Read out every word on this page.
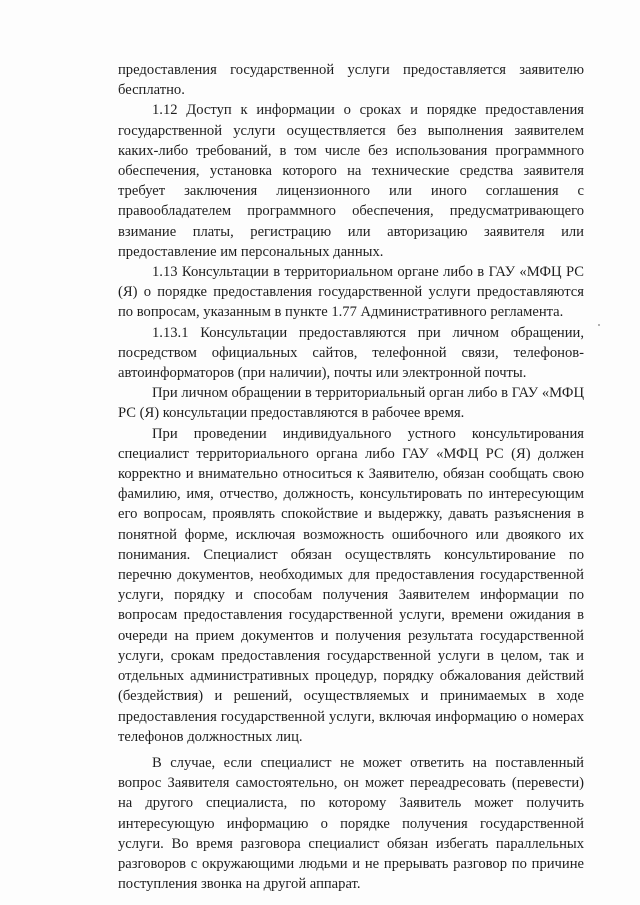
предоставления государственной услуги предоставляется заявителю бесплатно.

1.12 Доступ к информации о сроках и порядке предоставления государственной услуги осуществляется без выполнения заявителем каких-либо требований, в том числе без использования программного обеспечения, установка которого на технические средства заявителя требует заключения лицензионного или иного соглашения с правообладателем программного обеспечения, предусматривающего взимание платы, регистрацию или авторизацию заявителя или предоставление им персональных данных.

1.13 Консультации в территориальном органе либо в ГАУ «МФЦ РС (Я) о порядке предоставления государственной услуги предоставляются по вопросам, указанным в пункте 1.77 Административного регламента.

1.13.1 Консультации предоставляются при личном обращении, посредством официальных сайтов, телефонной связи, телефонов-автоинформаторов (при наличии), почты или электронной почты.

При личном обращении в территориальный орган либо в ГАУ «МФЦ РС (Я) консультации предоставляются в рабочее время.

При проведении индивидуального устного консультирования специалист территориального органа либо ГАУ «МФЦ РС (Я) должен корректно и внимательно относиться к Заявителю, обязан сообщать свою фамилию, имя, отчество, должность, консультировать по интересующим его вопросам, проявлять спокойствие и выдержку, давать разъяснения в понятной форме, исключая возможность ошибочного или двоякого их понимания. Специалист обязан осуществлять консультирование по перечню документов, необходимых для предоставления государственной услуги, порядку и способам получения Заявителем информации по вопросам предоставления государственной услуги, времени ожидания в очереди на прием документов и получения результата государственной услуги, срокам предоставления государственной услуги в целом, так и отдельных административных процедур, порядку обжалования действий (бездействия) и решений, осуществляемых и принимаемых в ходе предоставления государственной услуги, включая информацию о номерах телефонов должностных лиц.

В случае, если специалист не может ответить на поставленный вопрос Заявителя самостоятельно, он может переадресовать (перевести) на другого специалиста, по которому Заявитель может получить интересующую информацию о порядке получения государственной услуги. Во время разговора специалист обязан избегать параллельных разговоров с окружающими людьми и не прерывать разговор по причине поступления звонка на другой аппарат.
